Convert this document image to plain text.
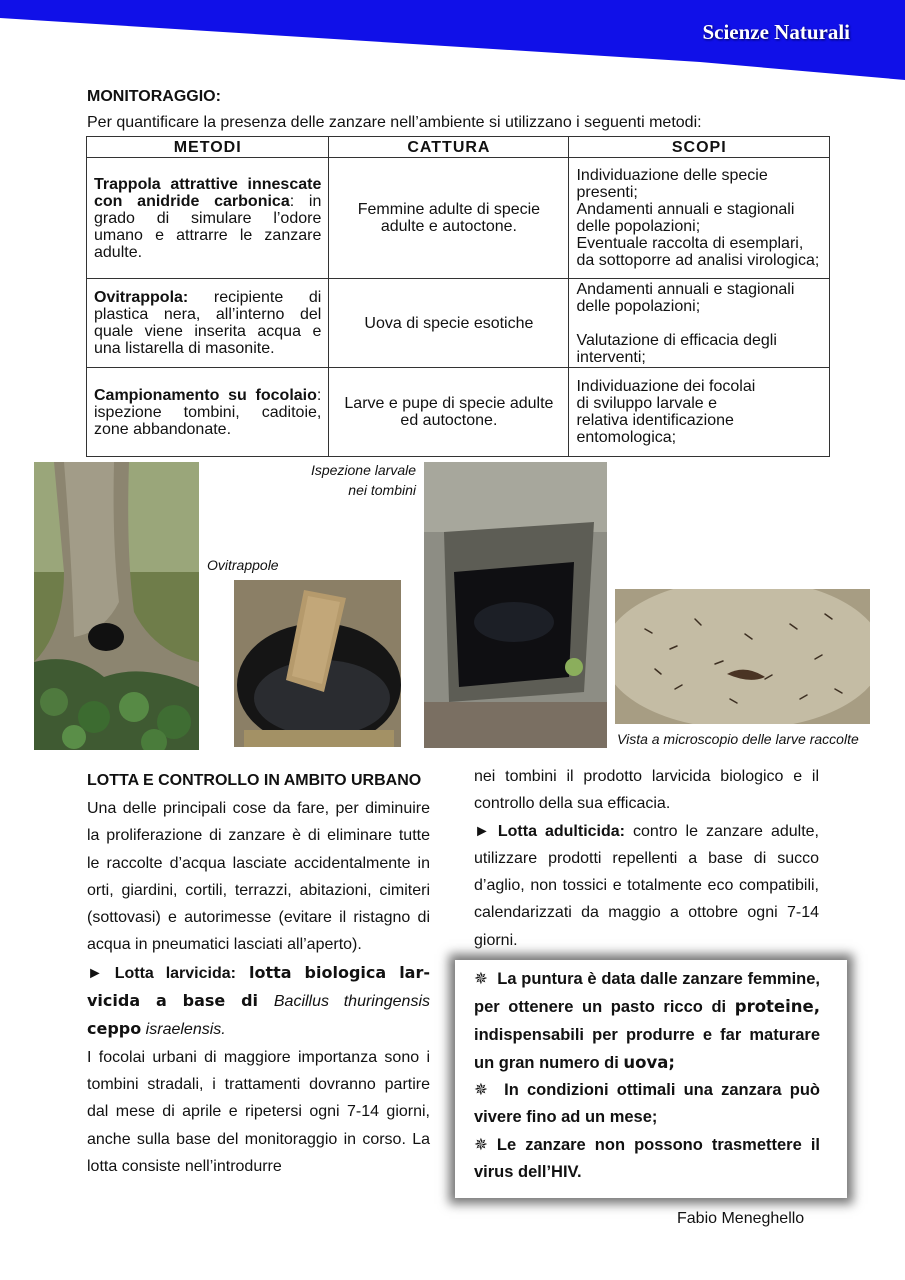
Scienze Naturali
MONITORAGGIO:
Per quantificare la presenza delle zanzare nell’ambiente si utilizzano i seguenti metodi:
METODI	CATTURA	SCOPI
Trappola attrattive innescate con anidride carbonica: in grado di simulare l’odore umano e attrarre le zanzare adulte.	Femmine adulte di specie adulte e autoctone.	Individuazione delle specie presenti;
Andamenti annuali e stagionali delle popolazioni;
Eventuale raccolta di esemplari, da sottoporre ad analisi virologica;
Ovitrappola: recipiente di plastica nera, all’interno del quale viene inserita acqua e una listarella di masonite.	Uova di specie esotiche	Andamenti annuali e stagionali delle popolazioni;

Valutazione di efficacia degli interventi;
Campionamento su focolaio: ispezione tombini, caditoie, zone abbandonate.	Larve e pupe di specie adulte ed autoctone.	Individuazione dei focolai
di sviluppo larvale e
relativa identificazione
entomologica;
Ispezione larvale
nei tombini
Ovitrappole
Vista a microscopio delle larve raccolte
LOTTA E CONTROLLO IN AMBITO URBANO

Una delle principali cose da fare, per diminuire la proliferazione di zanzare è di eliminare tutte le raccolte d’acqua lasciate accidentalmente in orti, giardini, cortili, terrazzi, abitazioni, cimiteri (sottovasi) e autorimesse (evitare il ristagno di acqua in pneumatici lasciati all’aperto).

► Lotta larvicida: lotta biologica larvicida a base di Bacillus thuringensis ceppo israelensis.

I focolai urbani di maggiore importanza sono i tombini stradali, i trattamenti dovranno partire dal mese di aprile e ripetersi ogni 7-14 giorni, anche sulla base del monitoraggio in corso. La lotta consiste nell’introdurre

nei tombini il prodotto larvicida biologico e il controllo della sua efficacia.

► Lotta adulticida: contro le zanzare adulte, utilizzare prodotti repellenti a base di succo d’aglio, non tossici e totalmente eco compatibili, calendarizzati da maggio a ottobre ogni 7-14 giorni.

✵ La puntura è data dalle zanzare femmine, per ottenere un pasto ricco di proteine, indispensabili per produrre e far maturare un gran numero di uova;

✵ In condizioni ottimali una zanzara può vivere fino ad un mese;

✵ Le zanzare non possono trasmettere il virus dell’HIV.

Fabio Meneghello
